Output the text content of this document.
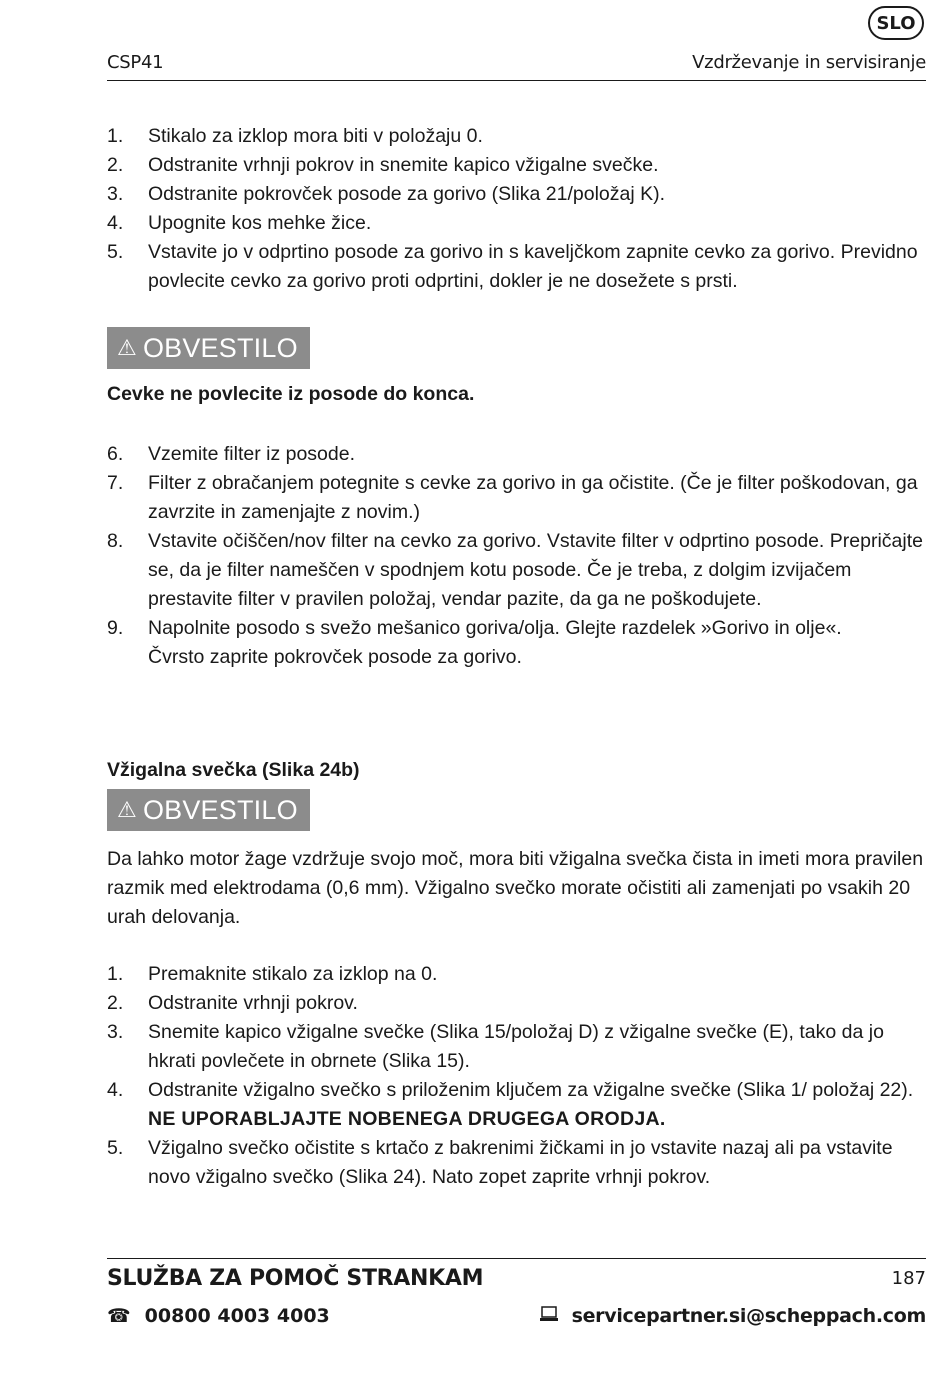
SLO
CSP41	Vzdrževanje in servisiranje
1. Stikalo za izklop mora biti v položaju 0.
2. Odstranite vrhnji pokrov in snemite kapico vžigalne svečke.
3. Odstranite pokrovček posode za gorivo (Slika 21/položaj K).
4. Upognite kos mehke žice.
5. Vstavite jo v odprtino posode za gorivo in s kaveljčkom zapnite cevko za gorivo. Previdno povlecite cevko za gorivo proti odprtini, dokler je ne dosežete s prsti.
⚠ OBVESTILO
Cevke ne povlecite iz posode do konca.
6. Vzemite filter iz posode.
7. Filter z obračanjem potegnite s cevke za gorivo in ga očistite. (Če je filter poškodovan, ga zavrzite in zamenjajte z novim.)
8. Vstavite očiščen/nov filter na cevko za gorivo. Vstavite filter v odprtino posode. Prepričajte se, da je filter nameščen v spodnjem kotu posode. Če je treba, z dolgim izvijačem prestavite filter v pravilen položaj, vendar pazite, da ga ne poškodujete.
9. Napolnite posodo s svežo mešanico goriva/olja. Glejte razdelek »Gorivo in olje«.
Čvrsto zaprite pokrovček posode za gorivo.
Vžigalna svečka (Slika 24b)
⚠ OBVESTILO
Da lahko motor žage vzdržuje svojo moč, mora biti vžigalna svečka čista in imeti mora pravilen razmik med elektrodama (0,6 mm). Vžigalno svečko morate očistiti ali zamenjati po vsakih 20 urah delovanja.
1. Premaknite stikalo za izklop na 0.
2. Odstranite vrhnji pokrov.
3. Snemite kapico vžigalne svečke (Slika 15/položaj D) z vžigalne svečke (E), tako da jo hkrati povlečete in obrnete (Slika 15).
4. Odstranite vžigalno svečko s priloženim ključem za vžigalne svečke (Slika 1/ položaj 22). NE UPORABLJAJTE NOBENEGA DRUGEGA ORODJA.
5. Vžigalno svečko očistite s krtačo z bakrenimi žičkami in jo vstavite nazaj ali pa vstavite novo vžigalno svečko (Slika 24). Nato zopet zaprite vrhnji pokrov.
SLUŽBA ZA POMOČ STRANKAM	187
☎ 00800 4003 4003	servicepartner.si@scheppach.com
